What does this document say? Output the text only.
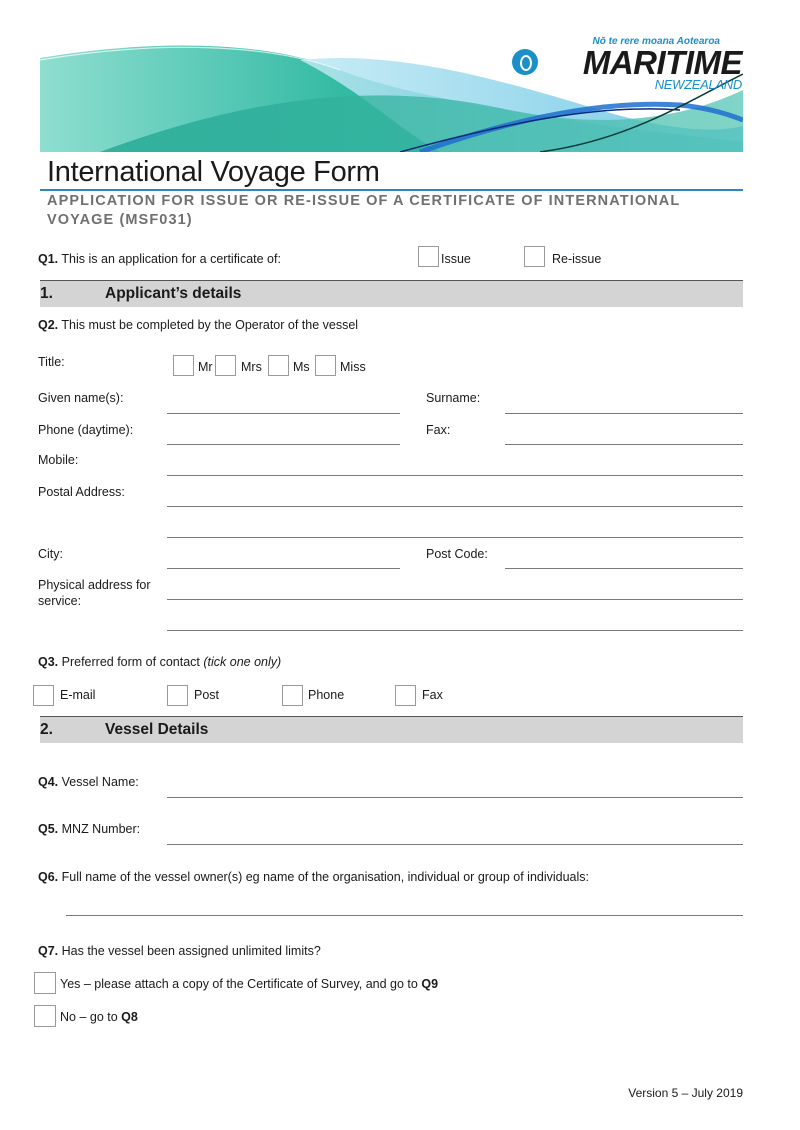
Nō te rere moana Aotearoa
MARITIME
NEWZEALAND
International Voyage Form
APPLICATION FOR ISSUE OR RE-ISSUE OF A CERTIFICATE OF INTERNATIONAL VOYAGE (MSF031)
Q1. This is an application for a certificate of:	Issue	Re-issue
1.	Applicant’s details
Q2. This must be completed by the Operator of the vessel
Title:	Mr Mrs Ms Miss
Given name(s):	Surname:
Phone (daytime):	Fax:
Mobile:
Postal Address:
City:	Post Code:
Physical address for
service:
Q3. Preferred form of contact (tick one only)
E-mail	Post	Phone	Fax
2.	Vessel Details
Q4. Vessel Name:
Q5. MNZ Number:
Q6. Full name of the vessel owner(s) eg name of the organisation, individual or group of individuals:
Q7. Has the vessel been assigned unlimited limits?
Yes – please attach a copy of the Certificate of Survey, and go to Q9
No – go to Q8
Version 5 – July 2019
